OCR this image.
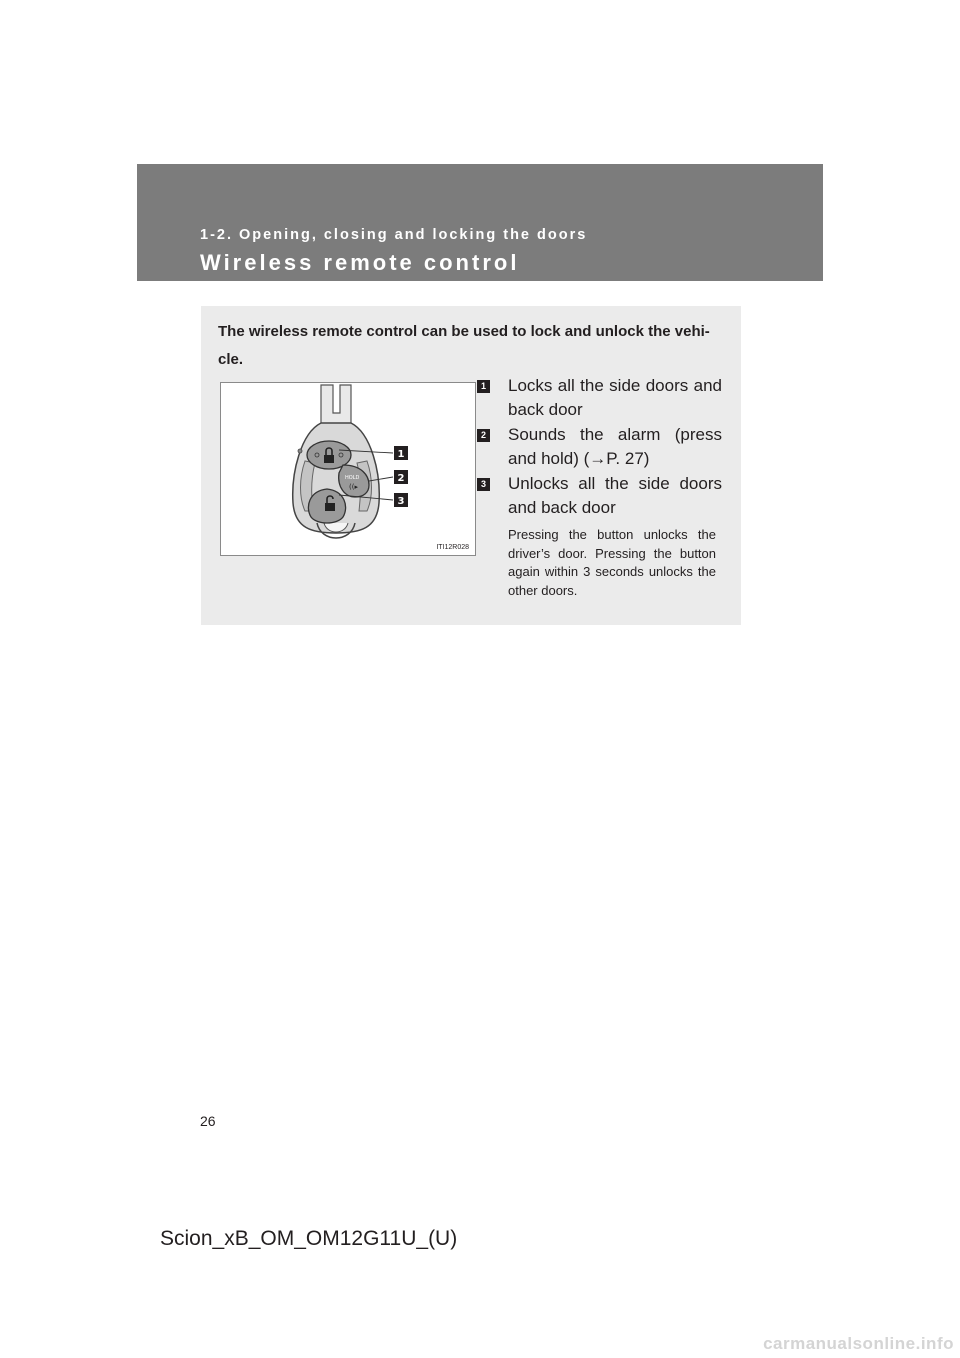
1-2. Opening, closing and locking the doors
Wireless remote control
The wireless remote control can be used to lock and unlock the vehi-cle.
HOLD
((▸
1
2
3
ITI12R028
1 Locks all the side doors and back door
2 Sounds the alarm (press and hold) (→P. 27)
3 Unlocks all the side doors and back door
Pressing the button unlocks the driver’s door. Pressing the button again within 3 seconds unlocks the other doors.
26
Scion_xB_OM_OM12G11U_(U)
carmanualsonline.info
